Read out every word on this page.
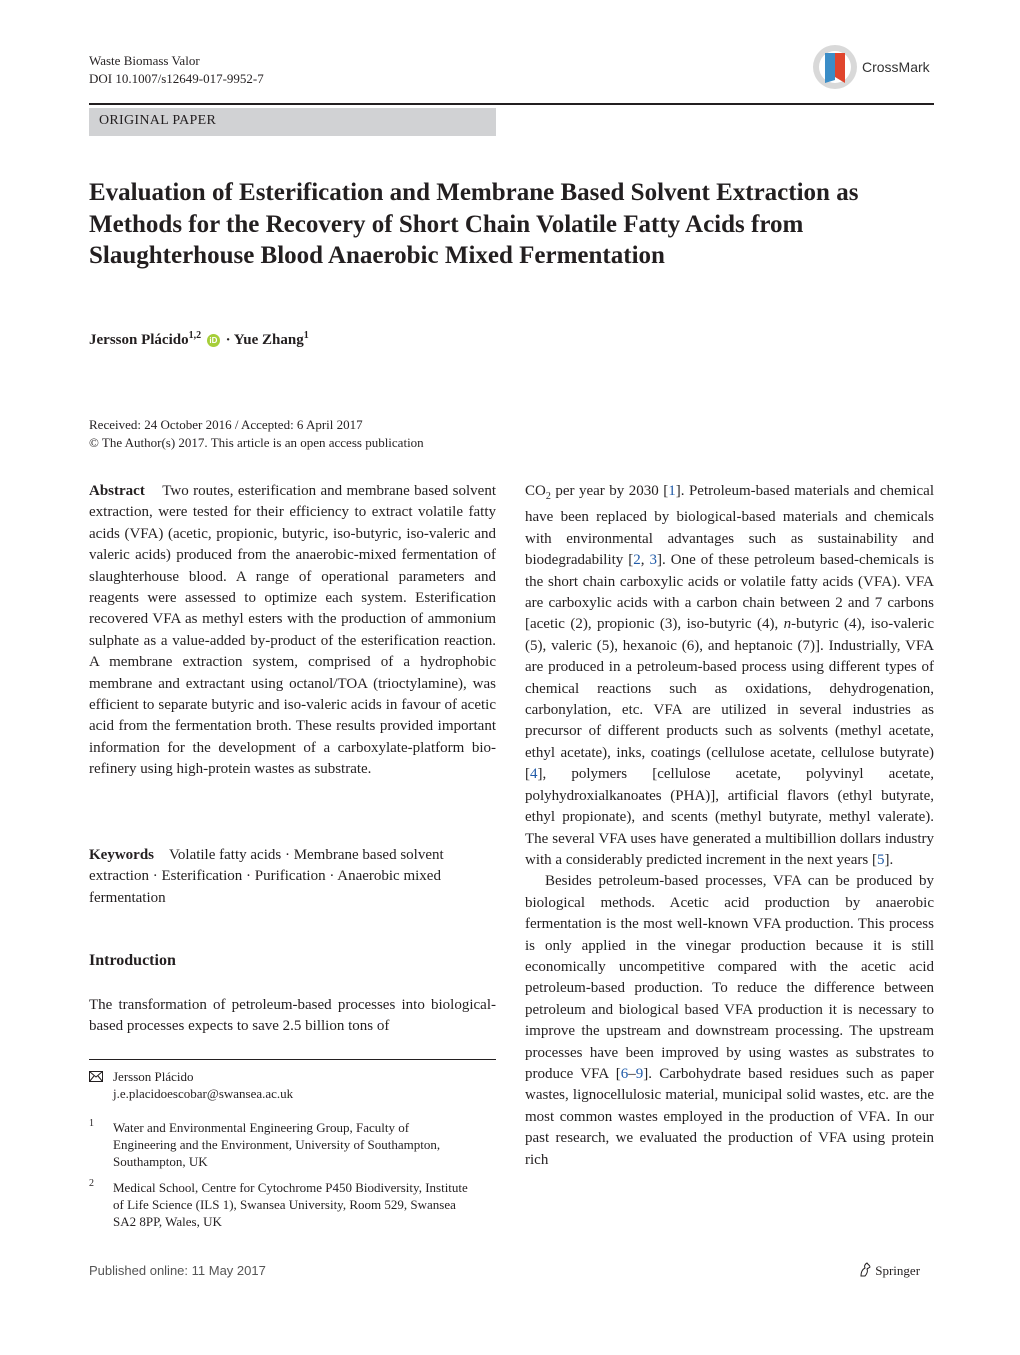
Waste Biomass Valor
DOI 10.1007/s12649-017-9952-7
CrossMark
ORIGINAL PAPER
Evaluation of Esterification and Membrane Based Solvent Extraction as Methods for the Recovery of Short Chain Volatile Fatty Acids from Slaughterhouse Blood Anaerobic Mixed Fermentation
Jersson Plácido$^{1,2}$ iD · Yue Zhang$^1$
Received: 24 October 2016 / Accepted: 6 April 2017
© The Author(s) 2017. This article is an open access publication

Abstract Two routes, esterification and membrane based solvent extraction, were tested for their efficiency to extract volatile fatty acids (VFA) (acetic, propionic, butyric, iso-butyric, iso-valeric and valeric acids) produced from the anaerobic-mixed fermentation of slaughterhouse blood. A range of operational parameters and reagents were assessed to optimize each system. Esterification recovered VFA as methyl esters with the production of ammonium sulphate as a value-added by-product of the esterification reaction. A membrane extraction system, comprised of a hydrophobic membrane and extractant using octanol/TOA (trioctylamine), was efficient to separate butyric and iso-valeric acids in favour of acetic acid from the fermentation broth. These results provided important information for the development of a carboxylate-platform bio-refinery using high-protein wastes as substrate.

Keywords Volatile fatty acids · Membrane based solvent extraction · Esterification · Purification · Anaerobic mixed fermentation

Introduction

The transformation of petroleum-based processes into biological-based processes expects to save 2.5 billion tons of

Jersson Plácido
j.e.placidoescobar@swansea.ac.uk
1 Water and Environmental Engineering Group, Faculty of Engineering and the Environment, University of Southampton, Southampton, UK
2 Medical School, Centre for Cytochrome P450 Biodiversity, Institute of Life Science (ILS 1), Swansea University, Room 529, Swansea SA2 8PP, Wales, UK

$CO_2$ per year by 2030 [1]. Petroleum-based materials and chemical have been replaced by biological-based materials and chemicals with environmental advantages such as sustainability and biodegradability [2, 3]. One of these petroleum based-chemicals is the short chain carboxylic acids or volatile fatty acids (VFA). VFA are carboxylic acids with a carbon chain between 2 and 7 carbons [acetic (2), propionic (3), iso-butyric (4), n-butyric (4), iso-valeric (5), valeric (5), hexanoic (6), and heptanoic (7)]. Industrially, VFA are produced in a petroleum-based process using different types of chemical reactions such as oxidations, dehydrogenation, carbonylation, etc. VFA are utilized in several industries as precursor of different products such as solvents (methyl acetate, ethyl acetate), inks, coatings (cellulose acetate, cellulose butyrate) [4], polymers [cellulose acetate, polyvinyl acetate, polyhydroxialkanoates (PHA)], artificial flavors (ethyl butyrate, ethyl propionate), and scents (methyl butyrate, methyl valerate). The several VFA uses have generated a multibillion dollars industry with a considerably predicted increment in the next years [5].

Besides petroleum-based processes, VFA can be produced by biological methods. Acetic acid production by anaerobic fermentation is the most well-known VFA production. This process is only applied in the vinegar production because it is still economically uncompetitive compared with the acetic acid petroleum-based production. To reduce the difference between petroleum and biological based VFA production it is necessary to improve the upstream and downstream processing. The upstream processes have been improved by using wastes as substrates to produce VFA [6–9]. Carbohydrate based residues such as paper wastes, lignocellulosic material, municipal solid wastes, etc. are the most common wastes employed in the production of VFA. In our past research, we evaluated the production of VFA using protein rich

Published online: 11 May 2017	Springer
